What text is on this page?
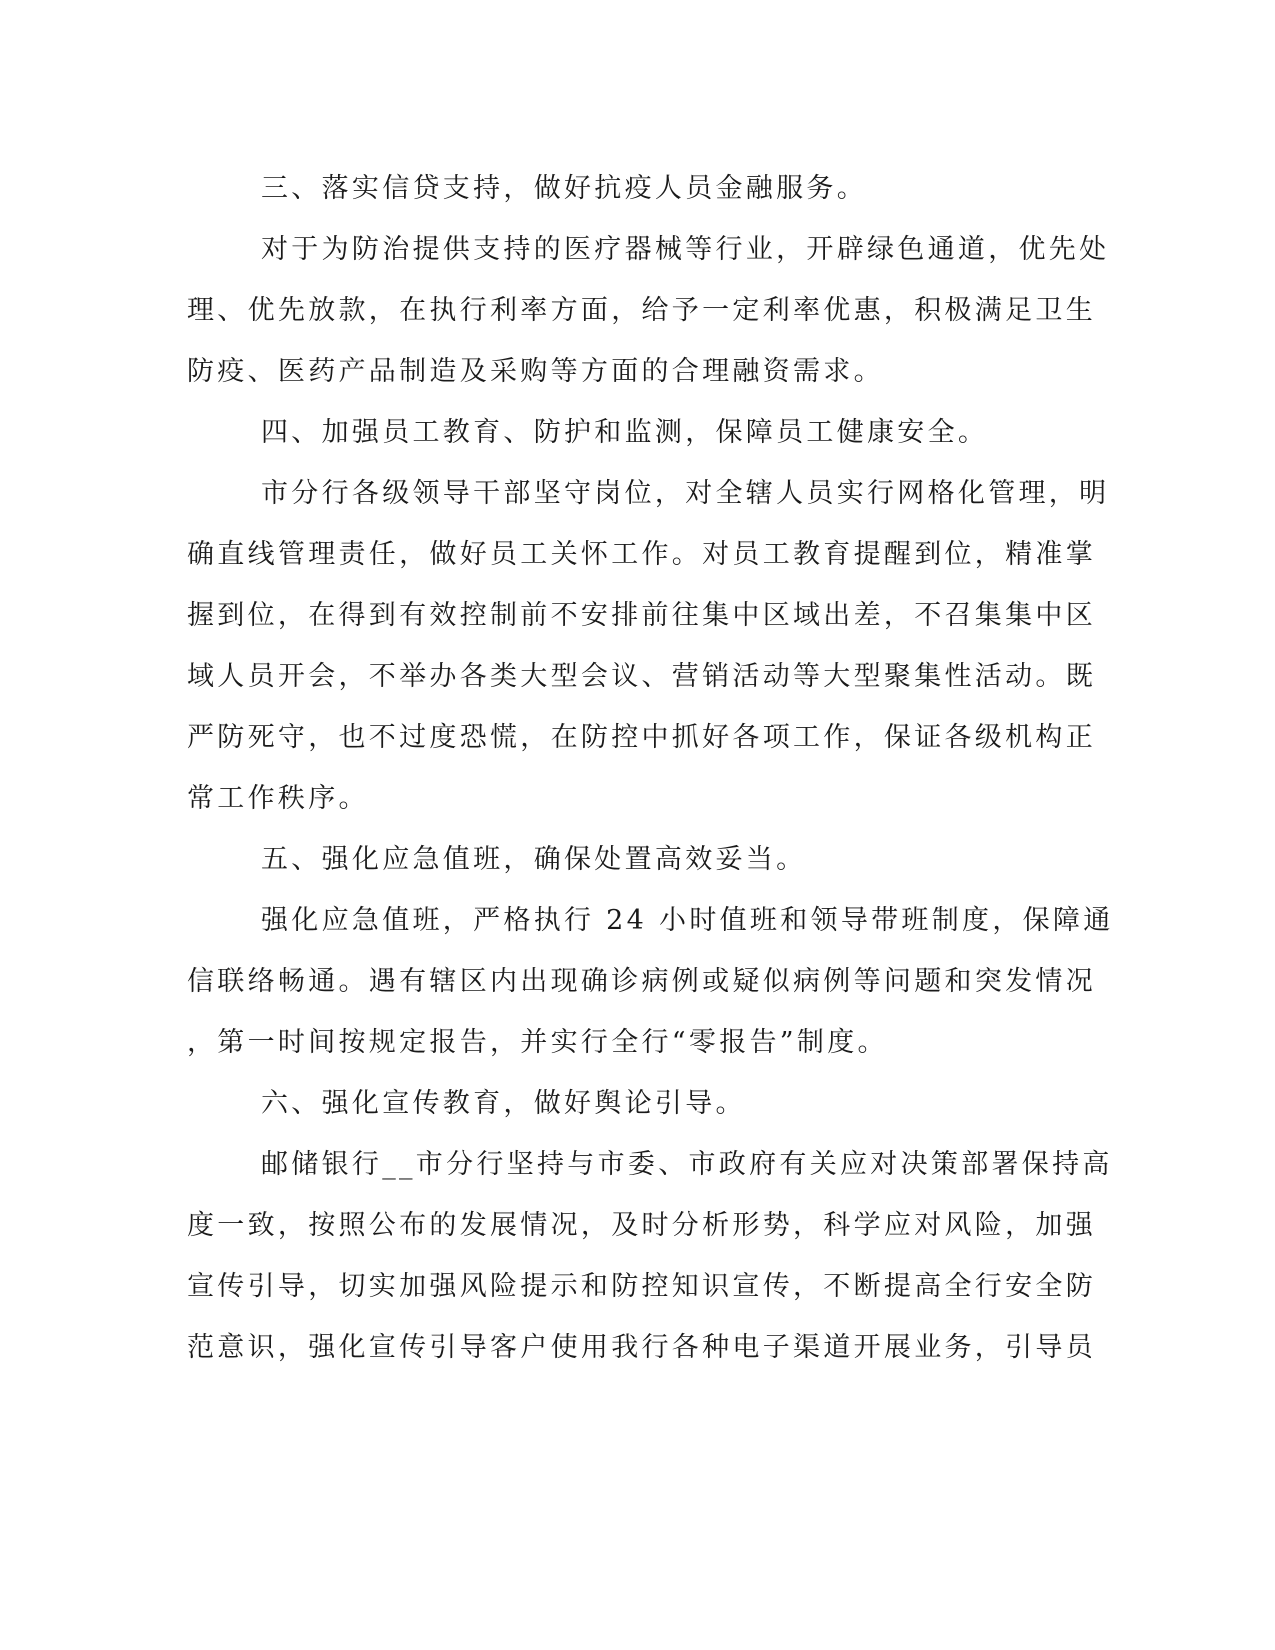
三、落实信贷支持，做好抗疫人员金融服务。
对于为防治提供支持的医疗器械等行业，开辟绿色通道，优先处
理、优先放款，在执行利率方面，给予一定利率优惠，积极满足卫生
防疫、医药产品制造及采购等方面的合理融资需求。
四、加强员工教育、防护和监测，保障员工健康安全。
市分行各级领导干部坚守岗位，对全辖人员实行网格化管理，明
确直线管理责任，做好员工关怀工作。对员工教育提醒到位，精准掌
握到位，在得到有效控制前不安排前往集中区域出差，不召集集中区
域人员开会，不举办各类大型会议、营销活动等大型聚集性活动。既
严防死守，也不过度恐慌，在防控中抓好各项工作，保证各级机构正
常工作秩序。
五、强化应急值班，确保处置高效妥当。
强化应急值班，严格执行 24 小时值班和领导带班制度，保障通
信联络畅通。遇有辖区内出现确诊病例或疑似病例等问题和突发情况
，第一时间按规定报告，并实行全行“零报告”制度。
六、强化宣传教育，做好舆论引导。
邮储银行__市分行坚持与市委、市政府有关应对决策部署保持高
度一致，按照公布的发展情况，及时分析形势，科学应对风险，加强
宣传引导，切实加强风险提示和防控知识宣传，不断提高全行安全防
范意识，强化宣传引导客户使用我行各种电子渠道开展业务，引导员
